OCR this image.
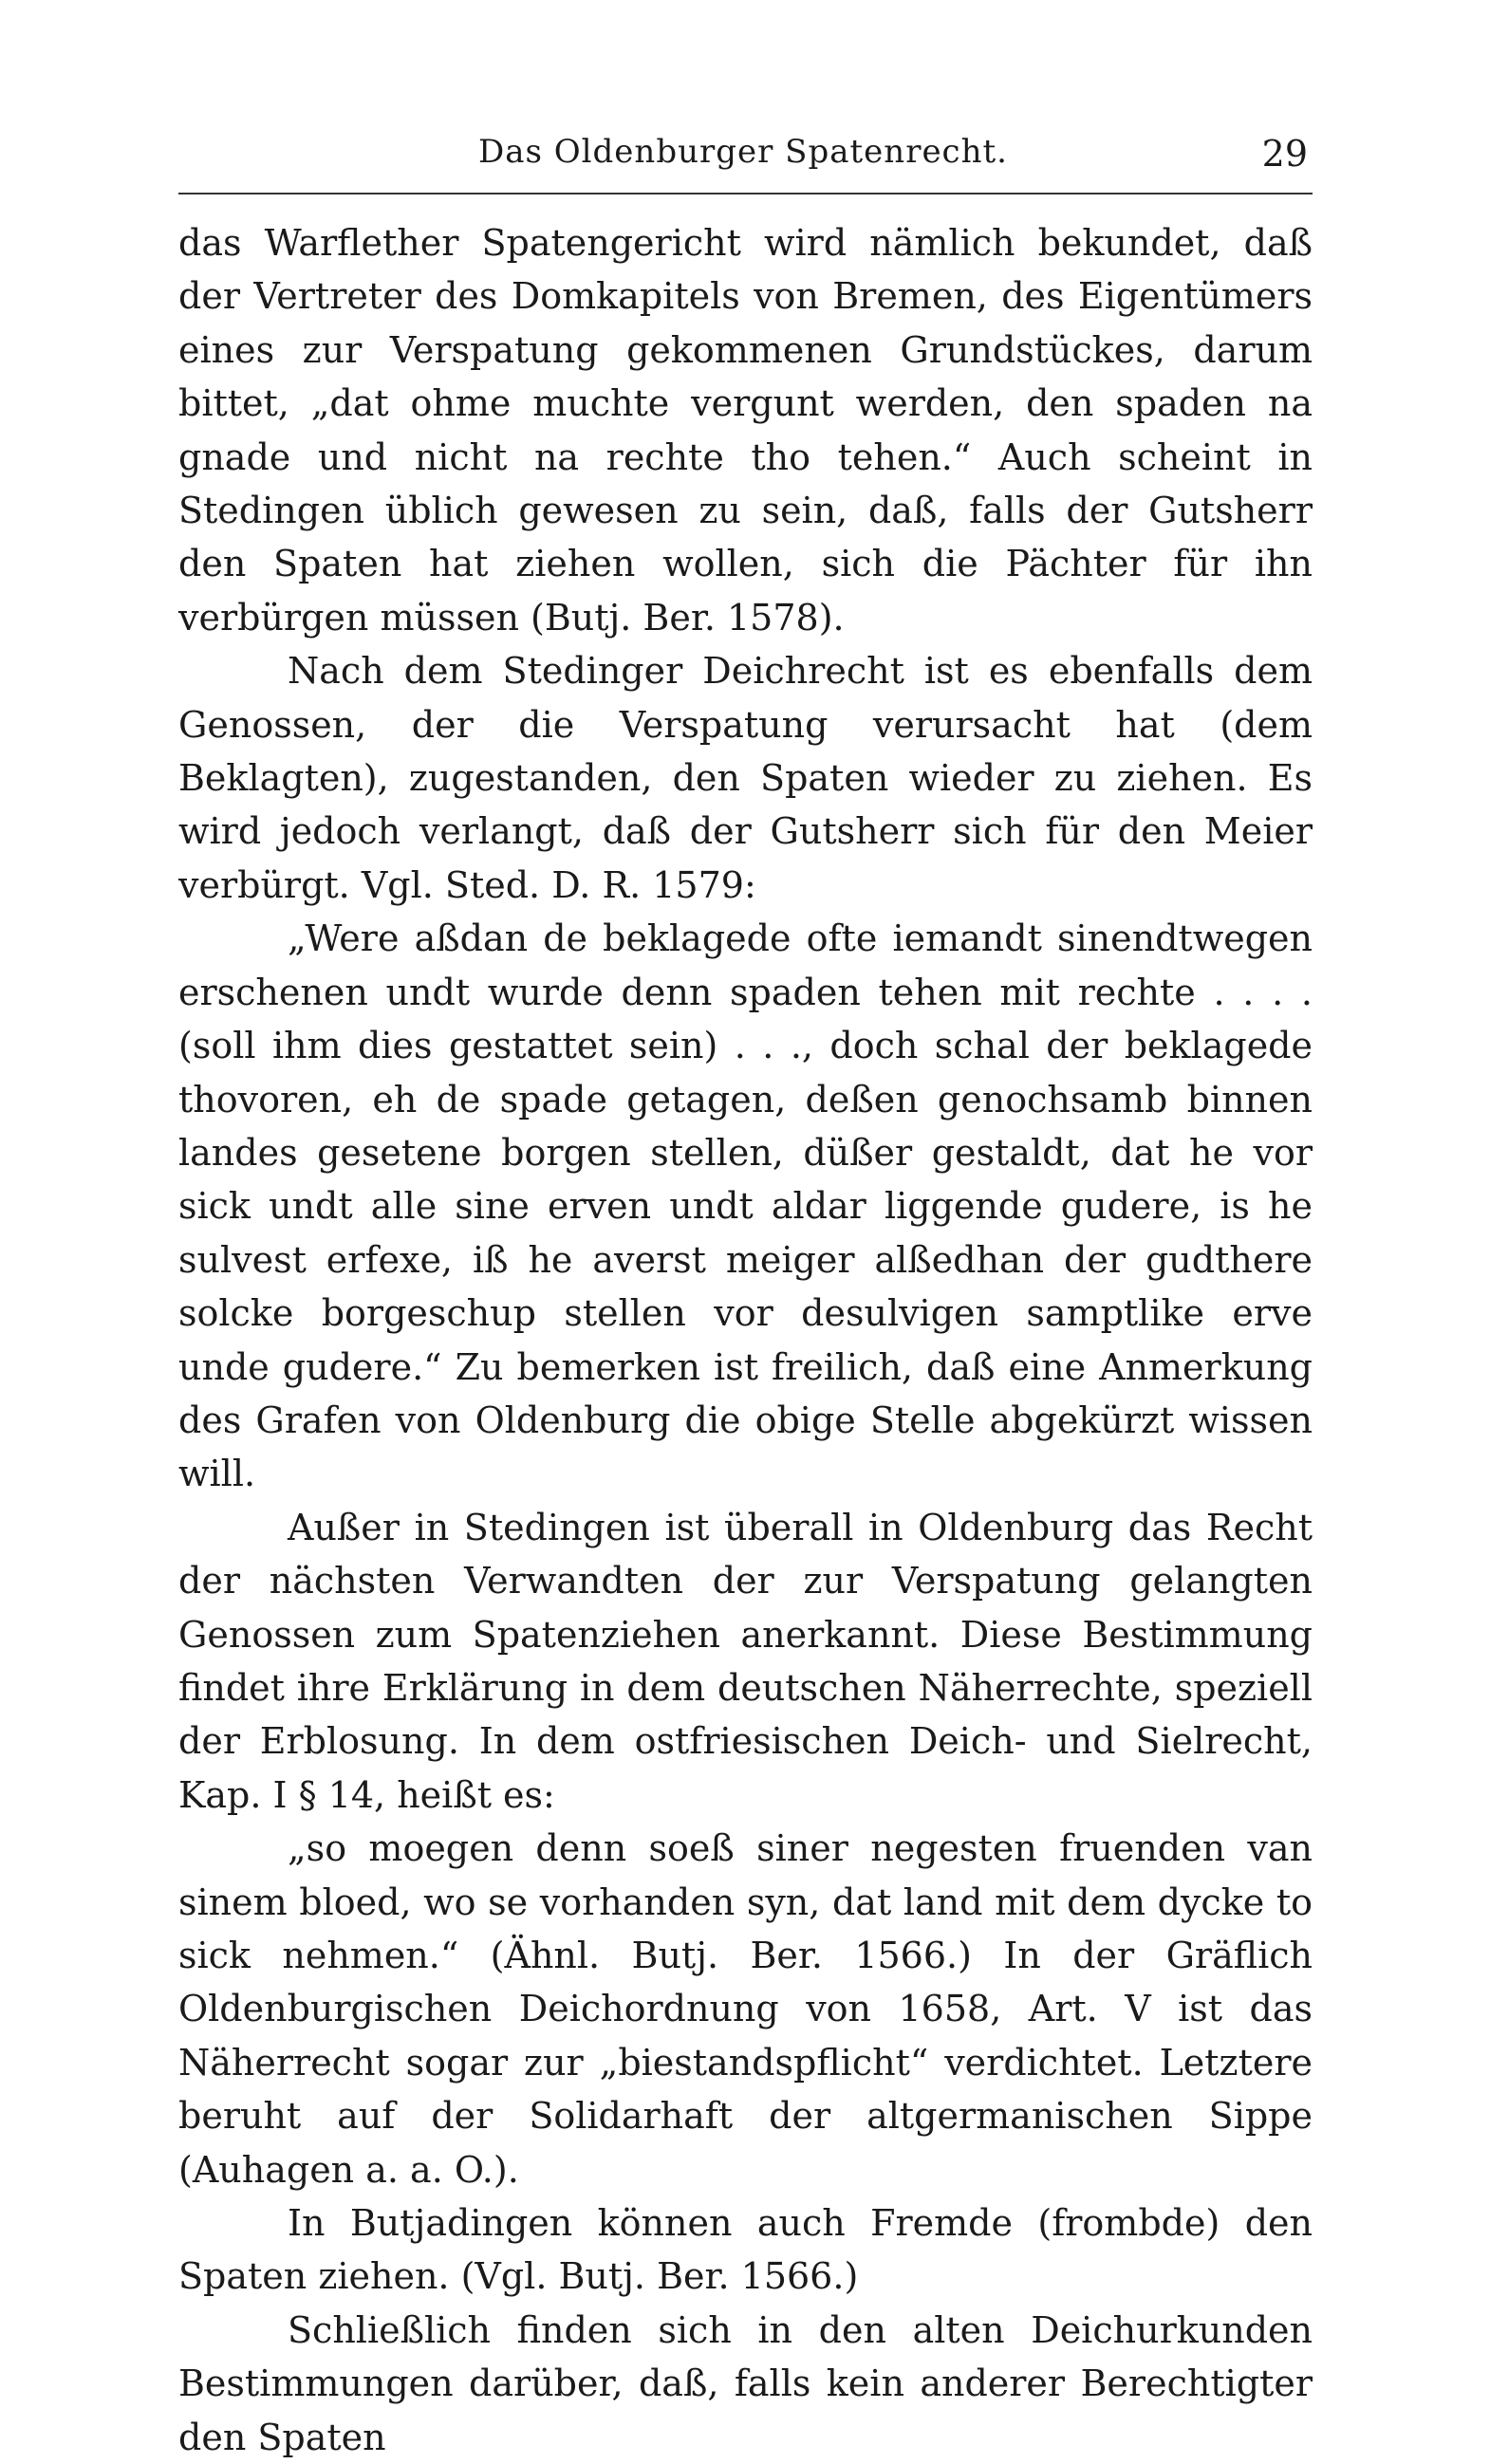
Das Oldenburger Spatenrecht.	29

das Warflether Spatengericht wird nämlich bekundet, daß der Vertreter des Domkapitels von Bremen, des Eigentümers eines zur Verspatung gekommenen Grundstückes, darum bittet, „dat ohme muchte vergunt werden, den spaden na gnade und nicht na rechte tho tehen.“ Auch scheint in Stedingen üblich gewesen zu sein, daß, falls der Gutsherr den Spaten hat ziehen wollen, sich die Pächter für ihn verbürgen müssen (Butj. Ber. 1578).

Nach dem Stedinger Deichrecht ist es ebenfalls dem Genossen, der die Verspatung verursacht hat (dem Beklagten), zugestanden, den Spaten wieder zu ziehen. Es wird jedoch verlangt, daß der Gutsherr sich für den Meier verbürgt. Vgl. Sted. D. R. 1579:

„Were aßdan de beklagede ofte iemandt sinendtwegen erschenen undt wurde denn spaden tehen mit rechte . . . . (soll ihm dies gestattet sein) . . ., doch schal der beklagede thovoren, eh de spade getagen, deßen genochsamb binnen landes gesetene borgen stellen, düßer gestaldt, dat he vor sick undt alle sine erven undt aldar liggende gudere, is he sulvest erfexe, iß he averst meiger alßedhan der gudthere solcke borgeschup stellen vor desulvigen samptlike erve unde gudere.“ Zu bemerken ist freilich, daß eine Anmerkung des Grafen von Oldenburg die obige Stelle abgekürzt wissen will.

Außer in Stedingen ist überall in Oldenburg das Recht der nächsten Verwandten der zur Verspatung gelangten Genossen zum Spatenziehen anerkannt. Diese Bestimmung findet ihre Erklärung in dem deutschen Näherrechte, speziell der Erblosung. In dem ostfriesischen Deich- und Sielrecht, Kap. I § 14, heißt es:

„so moegen denn soeß siner negesten fruenden van sinem bloed, wo se vorhanden syn, dat land mit dem dycke to sick nehmen.“ (Ähnl. Butj. Ber. 1566.) In der Gräflich Oldenburgischen Deichordnung von 1658, Art. V ist das Näherrecht sogar zur „biestandspflicht“ verdichtet. Letztere beruht auf der Solidarhaft der altgermanischen Sippe (Auhagen a. a. O.).

In Butjadingen können auch Fremde (frombde) den Spaten ziehen. (Vgl. Butj. Ber. 1566.)

Schließlich finden sich in den alten Deichurkunden Bestimmungen darüber, daß, falls kein anderer Berechtigter den Spaten
